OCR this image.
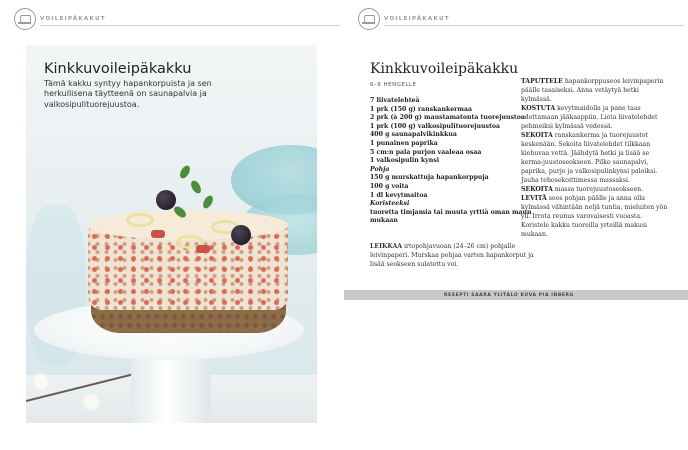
VOILEIPÄKAKUT
Kinkkuvoileipäkakku
Tämä kakku syntyy hapankorpuista ja sen herkullisena täytteenä on saunapalvia ja valkosipulituorejuustoa.
VOILEIPÄKAKUT
Kinkkuvoileipäkakku
6–8 HENGELLE
7 liivatelehteä
1 prk (150 g) ranskankermaa
2 prk (à 200 g) maustamatonta tuorejuustoa
1 prk (100 g) valkosipulituorejuustoa
400 g saunapalvikinkkua
1 punainen paprika
5 cm:n pala purjon vaaleaa osaa
1 valkosipulin kynsi
Pohja
150 g murskattuja hapankorppuja
100 g voita
1 dl kevytmaitoa
Koristeeksi
tuoretta timjamia tai muuta yrttiä oman maun mukaan
LEIKKAA irtopohjavuoan (24–26 cm) pohjalle leivinpaperi. Murskaa pohjaa varten hapankorput ja lisää seokseen sulatettu voi.

TAPUTTELE hapankorppuseos leivinpaperin päälle tasaiseksi. Anna vetäytyä hetki kylmässä.

KOSTUTA kevytmaidolla ja pane taas odottamaan jääkaappiin. Liota liivatelehdet pehmeiksi kylmässä vedessä.

SEKOITA ranskankerma ja tuorejuustot keskenään. Sekoita liivatelehdet tilkkaan kiehuvaa vettä. Jäähdytä hetki ja lisää se kerma-juustoseokseen. Pilko saunapalvi, paprika, purjo ja valkosipulinkynsi paloiksi. Jauha tehosekoittimessa massaksi.

SEKOITA massa tuorejuustoseokseen.

LEVITÄ seos pohjan päälle ja anna olla kylmässä vähintään neljä tuntia, mieluiten yön yli. Irrota reunus varovaisesti vuoasta. Koristele kakku tuoreilla yrteillä makusi mukaan.

RESEPTI SAARA YLITALO KUVA PIA INBERG
